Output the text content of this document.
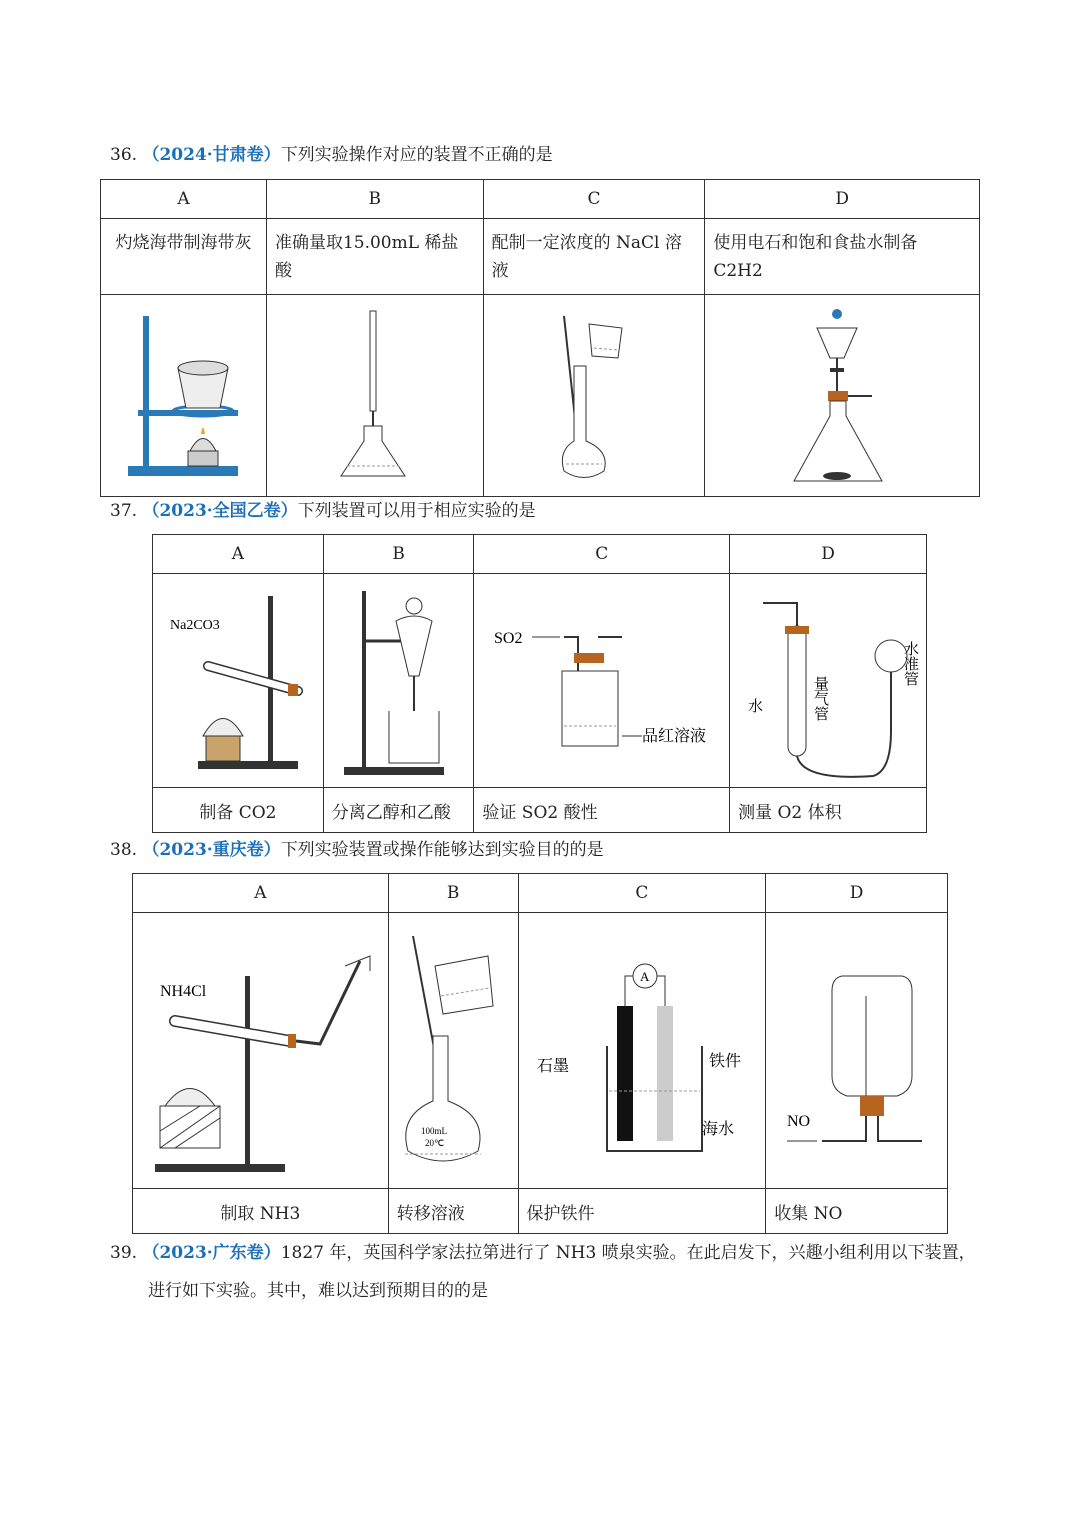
36. （2024·甘肃卷）下列实验操作对应的装置不正确的是
A	B	C	D
灼烧海带制海带灰	准确量取15.00mL 稀盐酸	配制一定浓度的 NaCl 溶液	使用电石和饱和食盐水制备 C2H2

37. （2023·全国乙卷）下列装置可以用于相应实验的是
A	B	C	D

Na2CO3		SO2
品红溶液	水 量气管
水准管

制备 CO2	分离乙醇和乙酸	验证 SO2 酸性	测量 O2 体积
38. （2023·重庆卷）下列实验装置或操作能够达到实验目的的是
A	B	C	D

NH4Cl	100mL
20℃	A
石墨 铁件
海水	NO

制取 NH3	转移溶液	保护铁件	收集 NO
39. （2023·广东卷）1827 年，英国科学家法拉第进行了 NH3 喷泉实验。在此启发下，兴趣小组利用以下装置，
进行如下实验。其中，难以达到预期目的的是
